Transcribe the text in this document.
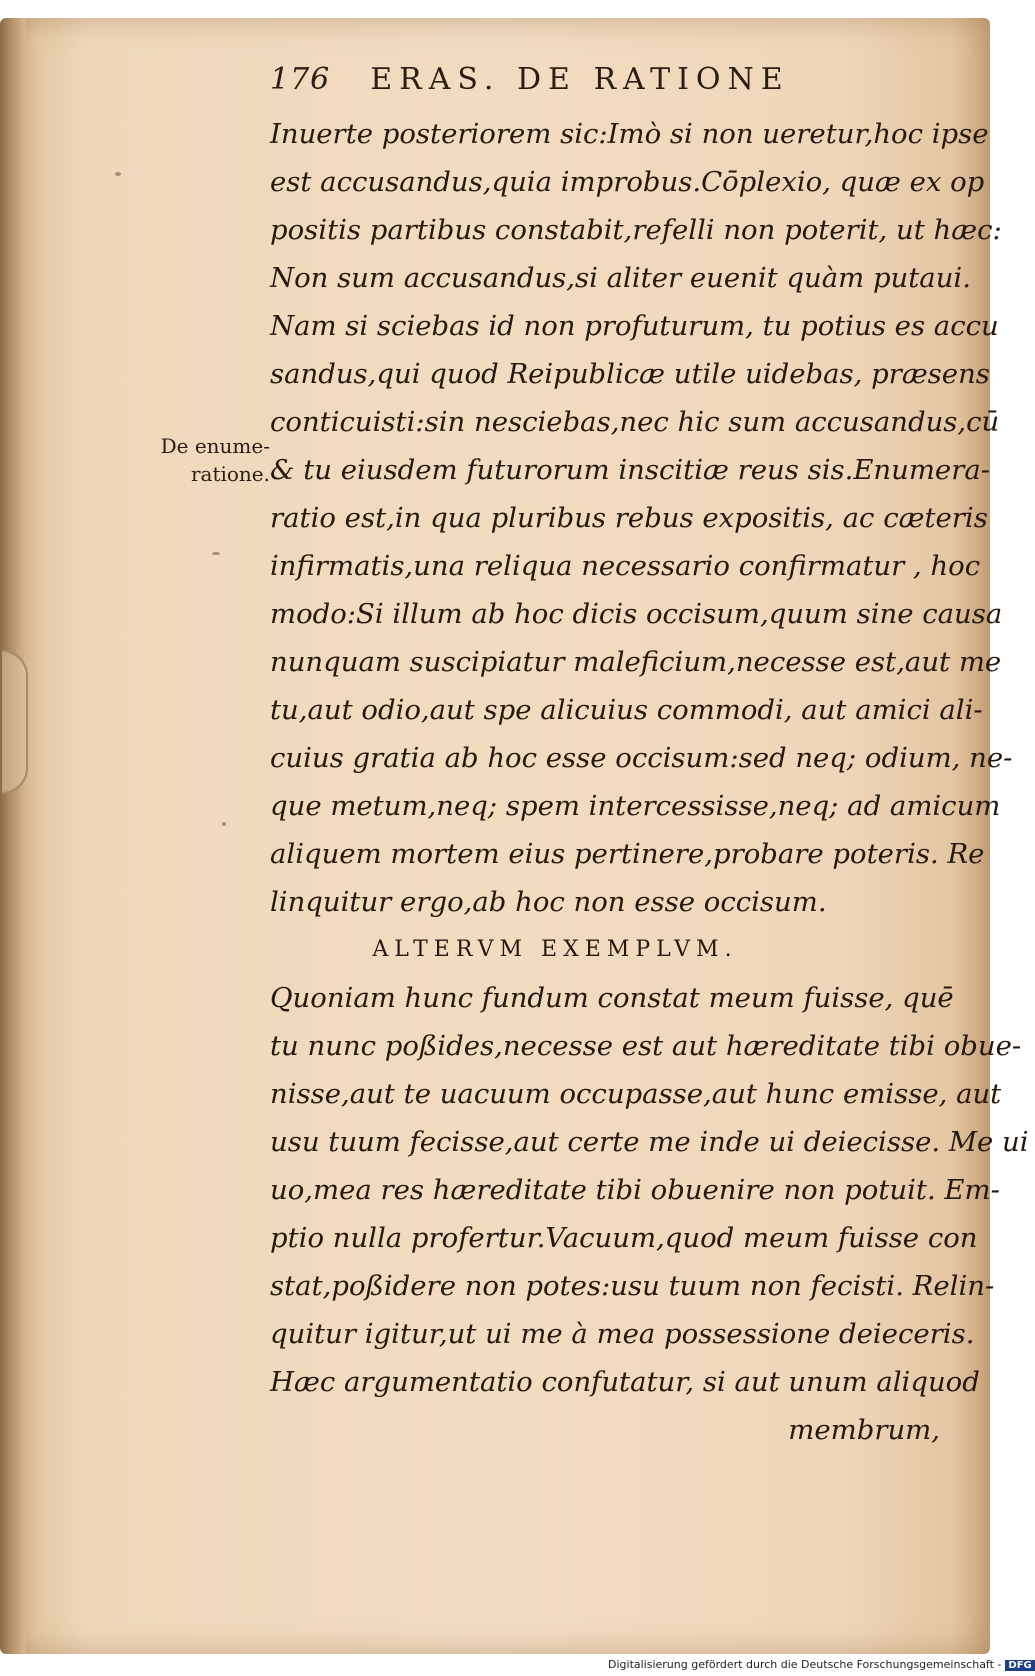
176 ERAS. DE RATIONE
De enume-
ratione.
Inuerte posteriorem sic:Imò si non ueretur,hoc ipse
est accusandus,quia improbus.Cōplexio, quæ ex op
positis partibus constabit,refelli non poterit, ut hæc:
Non sum accusandus,si aliter euenit quàm putaui.
Nam si sciebas id non profuturum, tu potius es accu
sandus,qui quod Reipublicæ utile uidebas, præsens
conticuisti:sin nesciebas,nec hic sum accusandus,cū
& tu eiusdem futurorum inscitiæ reus sis.Enumera-
ratio est,in qua pluribus rebus expositis, ac cæteris
infirmatis,una reliqua necessario confirmatur , hoc
modo:Si illum ab hoc dicis occisum,quum sine causa
nunquam suscipiatur maleficium,necesse est,aut me
tu,aut odio,aut spe alicuius commodi, aut amici ali-
cuius gratia ab hoc esse occisum:sed neq; odium, ne-
que metum,neq; spem intercessisse,neq; ad amicum
aliquem mortem eius pertinere,probare poteris. Re
linquitur ergo,ab hoc non esse occisum.
ALTERVM EXEMPLVM.
Quoniam hunc fundum constat meum fuisse, quē
tu nunc poßides,necesse est aut hæreditate tibi obue-
nisse,aut te uacuum occupasse,aut hunc emisse, aut
usu tuum fecisse,aut certe me inde ui deiecisse. Me ui
uo,mea res hæreditate tibi obuenire non potuit. Em-
ptio nulla profertur.Vacuum,quod meum fuisse con
stat,poßidere non potes:usu tuum non fecisti. Relin-
quitur igitur,ut ui me à mea possessione deieceris.
Hæc argumentatio confutatur, si aut unum aliquod
membrum,
Digitalisierung gefördert durch die Deutsche Forschungsgemeinschaft - DFG
